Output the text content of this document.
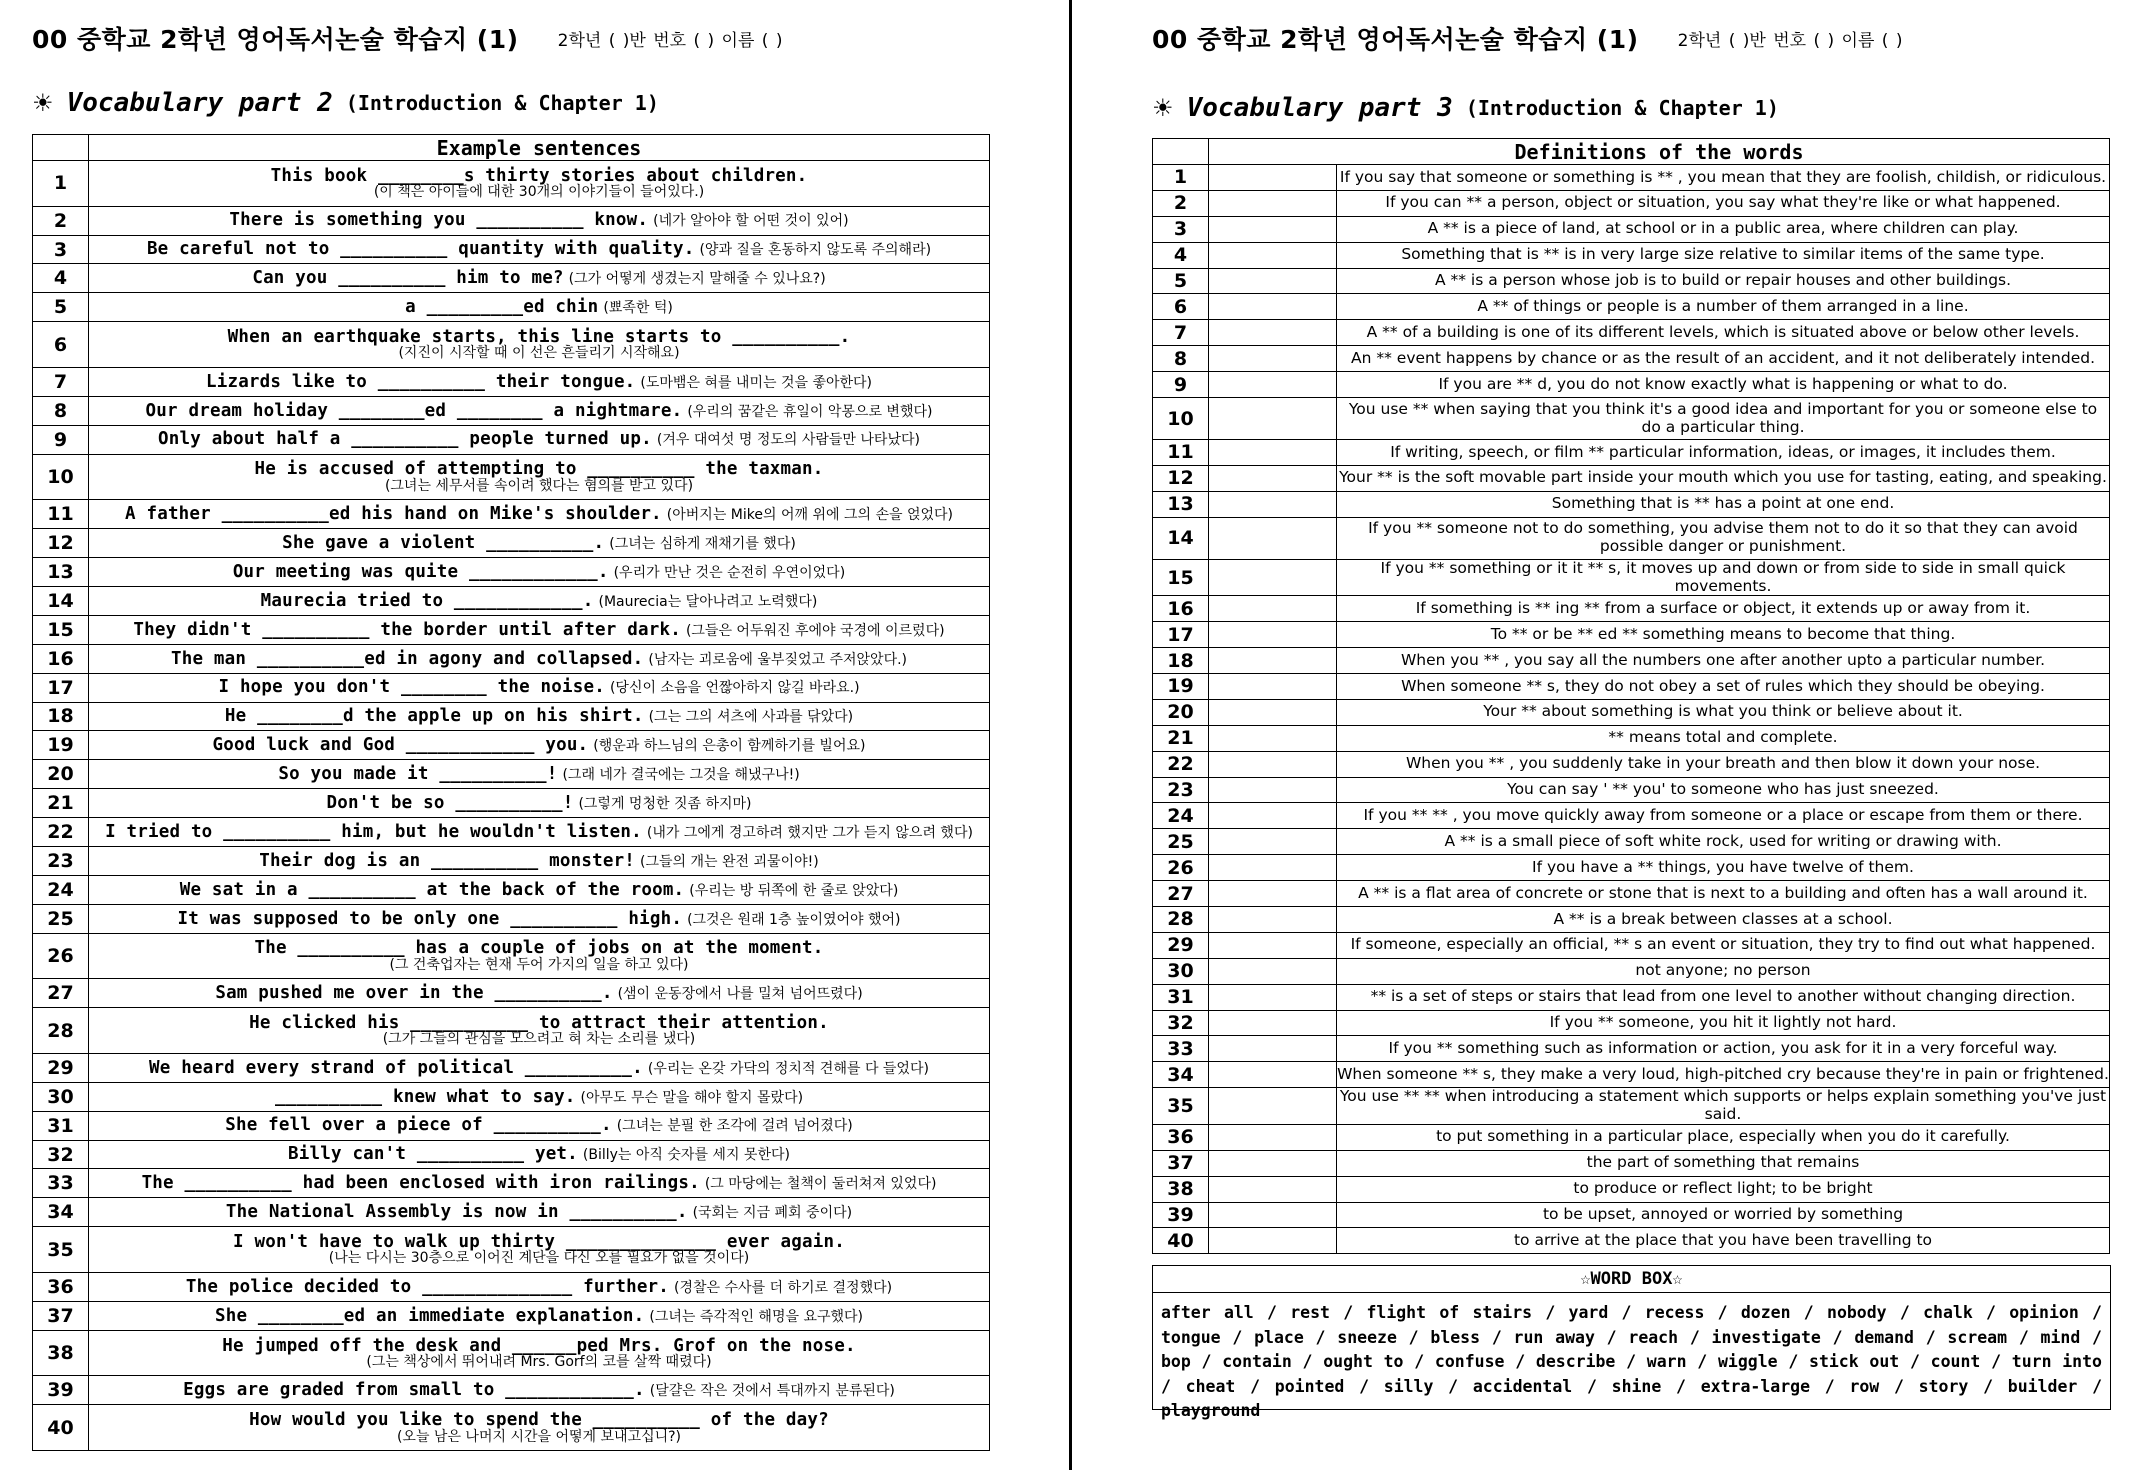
00 중학교 2학년 영어독서논술 학습지 (1) 2학년 ( )반 번호 ( ) 이름 ( )
☀ Vocabulary part 2 (Introduction & Chapter 1)
	Example sentences
1	This book ________s thirty stories about children.
(이 책은 아이들에 대한 30개의 이야기들이 들어있다.)

2	There is something you __________ know. (네가 알아야 할 어떤 것이 있어)
3	Be careful not to __________ quantity with quality. (양과 질을 혼동하지 않도록 주의해라)
4	Can you __________ him to me? (그가 어떻게 생겼는지 말해줄 수 있나요?)
5	a _________ed chin (뾰족한 턱)
6	When an earthquake starts, this line starts to __________.
(지진이 시작할 때 이 선은 흔들리기 시작해요)

7	Lizards like to __________ their tongue. (도마뱀은 혀를 내미는 것을 좋아한다)
8	Our dream holiday ________ed ________ a nightmare. (우리의 꿈같은 휴일이 악몽으로 변했다)
9	Only about half a __________ people turned up. (겨우 대여섯 명 정도의 사람들만 나타났다)
10	He is accused of attempting to __________ the taxman.
(그녀는 세무서를 속이려 했다는 혐의를 받고 있다)

11	A father __________ed his hand on Mike's shoulder. (아버지는 Mike의 어깨 위에 그의 손을 얹었다)
12	She gave a violent __________. (그녀는 심하게 재채기를 했다)
13	Our meeting was quite ____________. (우리가 만난 것은 순전히 우연이었다)
14	Maurecia tried to ____________. (Maurecia는 달아나려고 노력했다)
15	They didn't __________ the border until after dark. (그들은 어두워진 후에야 국경에 이르렀다)
16	The man __________ed in agony and collapsed. (남자는 괴로움에 울부짖었고 주저앉았다.)
17	I hope you don't ________ the noise. (당신이 소음을 언짢아하지 않길 바라요.)
18	He ________d the apple up on his shirt. (그는 그의 셔츠에 사과를 닦았다)
19	Good luck and God ____________ you. (행운과 하느님의 은총이 함께하기를 빌어요)
20	So you made it __________! (그래 네가 결국에는 그것을 해냈구나!)
21	Don't be so __________! (그렇게 멍청한 짓좀 하지마)
22	I tried to __________ him, but he wouldn't listen. (내가 그에게 경고하려 했지만 그가 듣지 않으려 했다)
23	Their dog is an __________ monster! (그들의 개는 완전 괴물이야!)
24	We sat in a __________ at the back of the room. (우리는 방 뒤쪽에 한 줄로 앉았다)
25	It was supposed to be only one __________ high. (그것은 원래 1층 높이였어야 했어)
26	The __________ has a couple of jobs on at the moment.
(그 건축업자는 현재 두어 가지의 일을 하고 있다)

27	Sam pushed me over in the __________. (샘이 운동장에서 나를 밀쳐 넘어뜨렸다)
28	He clicked his ___________ to attract their attention.
(그가 그들의 관심을 모으려고 혀 차는 소리를 냈다)

29	We heard every strand of political __________. (우리는 온갖 가닥의 정치적 견해를 다 들었다)
30	__________ knew what to say. (아무도 무슨 말을 해야 할지 몰랐다)
31	She fell over a piece of __________. (그녀는 분필 한 조각에 걸려 넘어졌다)
32	Billy can't __________ yet. (Billy는 아직 숫자를 세지 못한다)
33	The __________ had been enclosed with iron railings. (그 마당에는 철책이 둘러쳐져 있었다)
34	The National Assembly is now in __________. (국회는 지금 폐회 중이다)
35	I won't have to walk up thirty ______________ ever again.
(나는 다시는 30층으로 이어진 계단을 다신 오를 필요가 없을 것이다)

36	The police decided to ______________ further. (경찰은 수사를 더 하기로 결정했다)
37	She ________ed an immediate explanation. (그녀는 즉각적인 해명을 요구했다)
38	He jumped off the desk and ______ped Mrs. Grof on the nose.
(그는 책상에서 뛰어내려 Mrs. Gorf의 코를 살짝 때렸다)

39	Eggs are graded from small to ____________. (달걀은 작은 것에서 특대까지 분류된다)
40	How would you like to spend the __________ of the day?
(오늘 남은 나머지 시간을 어떻게 보내고십니?)
00 중학교 2학년 영어독서논술 학습지 (1) 2학년 ( )반 번호 ( ) 이름 ( )
☀ Vocabulary part 3 (Introduction & Chapter 1)
	Definitions of the words	
1		If you say that someone or something is ** , you mean that they are foolish, childish, or ridiculous.
2		If you can ** a person, object or situation, you say what they're like or what happened.
3		A ** is a piece of land, at school or in a public area, where children can play.
4		Something that is ** is in very large size relative to similar items of the same type.
5		A ** is a person whose job is to build or repair houses and other buildings.
6		A ** of things or people is a number of them arranged in a line.
7		A ** of a building is one of its different levels, which is situated above or below other levels.
8		An ** event happens by chance or as the result of an accident, and it not deliberately intended.
9		If you are ** d, you do not know exactly what is happening or what to do.
10		You use ** when saying that you think it's a good idea and important for you or someone else to do a particular thing.
11		If writing, speech, or film ** particular information, ideas, or images, it includes them.
12		Your ** is the soft movable part inside your mouth which you use for tasting, eating, and speaking.
13		Something that is ** has a point at one end.
14		If you ** someone not to do something, you advise them not to do it so that they can avoid possible danger or punishment.
15		If you ** something or it it ** s, it moves up and down or from side to side in small quick movements.
16		If something is ** ing ** from a surface or object, it extends up or away from it.
17		To ** or be ** ed ** something means to become that thing.
18		When you ** , you say all the numbers one after another upto a particular number.
19		When someone ** s, they do not obey a set of rules which they should be obeying.
20		Your ** about something is what you think or believe about it.
21		** means total and complete.
22		When you ** , you suddenly take in your breath and then blow it down your nose.
23		You can say ' ** you' to someone who has just sneezed.
24		If you ** ** , you move quickly away from someone or a place or escape from them or there.
25		A ** is a small piece of soft white rock, used for writing or drawing with.
26		If you have a ** things, you have twelve of them.
27		A ** is a flat area of concrete or stone that is next to a building and often has a wall around it.
28		A ** is a break between classes at a school.
29		If someone, especially an official, ** s an event or situation, they try to find out what happened.
30		not anyone; no person
31		** is a set of steps or stairs that lead from one level to another without changing direction.
32		If you ** someone, you hit it lightly not hard.
33		If you ** something such as information or action, you ask for it in a very forceful way.
34		When someone ** s, they make a very loud, high-pitched cry because they're in pain or frightened.
35		You use ** ** when introducing a statement which supports or helps explain something you've just said.
36		to put something in a particular place, especially when you do it carefully.
37		the part of something that remains
38		to produce or reflect light; to be bright
39		to be upset, annoyed or worried by something
40		to arrive at the place that you have been travelling to
☆WORD BOX☆
after all / rest / flight of stairs / yard / recess / dozen / nobody / chalk / opinion / tongue / place / sneeze / bless / run away / reach / investigate / demand / scream / mind / bop / contain / ought to / confuse / describe / warn / wiggle / stick out / count / turn into / cheat / pointed / silly / accidental / shine / extra-large / row / story / builder / playground
